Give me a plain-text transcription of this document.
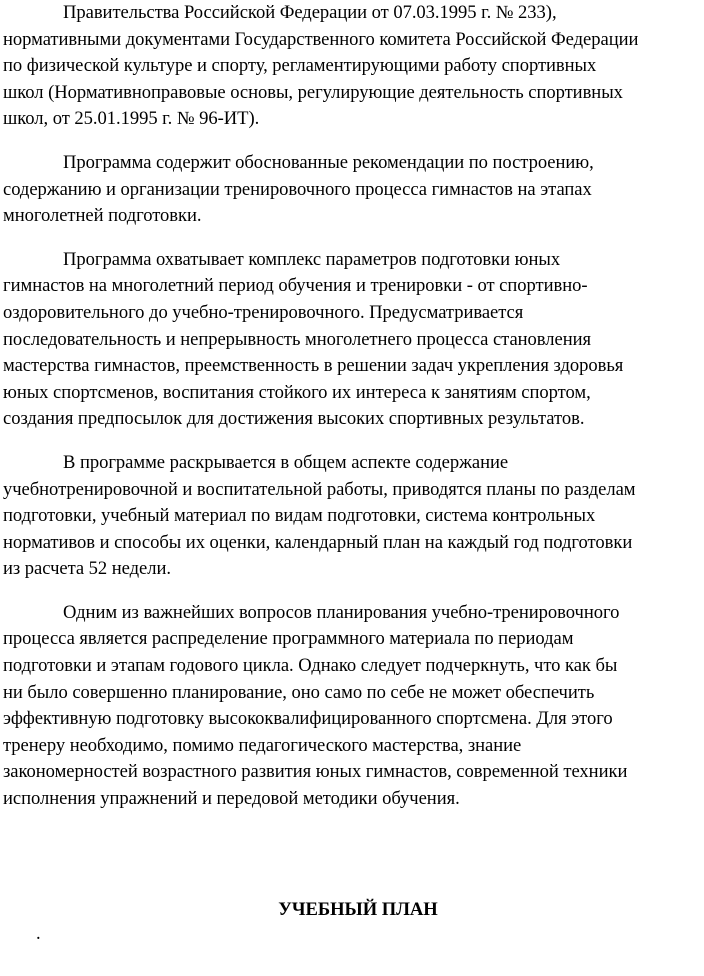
Правительства Российской Федерации от 07.03.1995 г. № 233),
нормативными документами Государственного комитета Российской Федерации
по физической культуре и спорту, регламентирующими работу спортивных
школ (Нормативноправовые основы, регулирующие деятельность спортивных
школ, от 25.01.1995 г. № 96-ИТ).
Программа содержит обоснованные рекомендации по построению,
содержанию и организации тренировочного процесса гимнастов на этапах
многолетней подготовки.
Программа охватывает комплекс параметров подготовки юных
гимнастов на многолетний период обучения и тренировки - от спортивно-
оздоровительного до учебно-тренировочного. Предусматривается
последовательность и непрерывность многолетнего процесса становления
мастерства гимнастов, преемственность в решении задач укрепления здоровья
юных спортсменов, воспитания стойкого их интереса к занятиям спортом,
создания предпосылок для достижения высоких спортивных результатов.
В программе раскрывается в общем аспекте содержание
учебнотренировочной и воспитательной работы, приводятся планы по разделам
подготовки, учебный материал по видам подготовки, система контрольных
нормативов и способы их оценки, календарный план на каждый год подготовки
из расчета 52 недели.
Одним из важнейших вопросов планирования учебно-тренировочного
процесса является распределение программного материала по периодам
подготовки и этапам годового цикла. Однако следует подчеркнуть, что как бы
ни было совершенно планирование, оно само по себе не может обеспечить
эффективную подготовку высококвалифицированного спортсмена. Для этого
тренеру необходимо, помимо педагогического мастерства, знание
закономерностей возрастного развития юных гимнастов, современной техники
исполнения упражнений и передовой методики обучения.
УЧЕБНЫЙ ПЛАН
.
